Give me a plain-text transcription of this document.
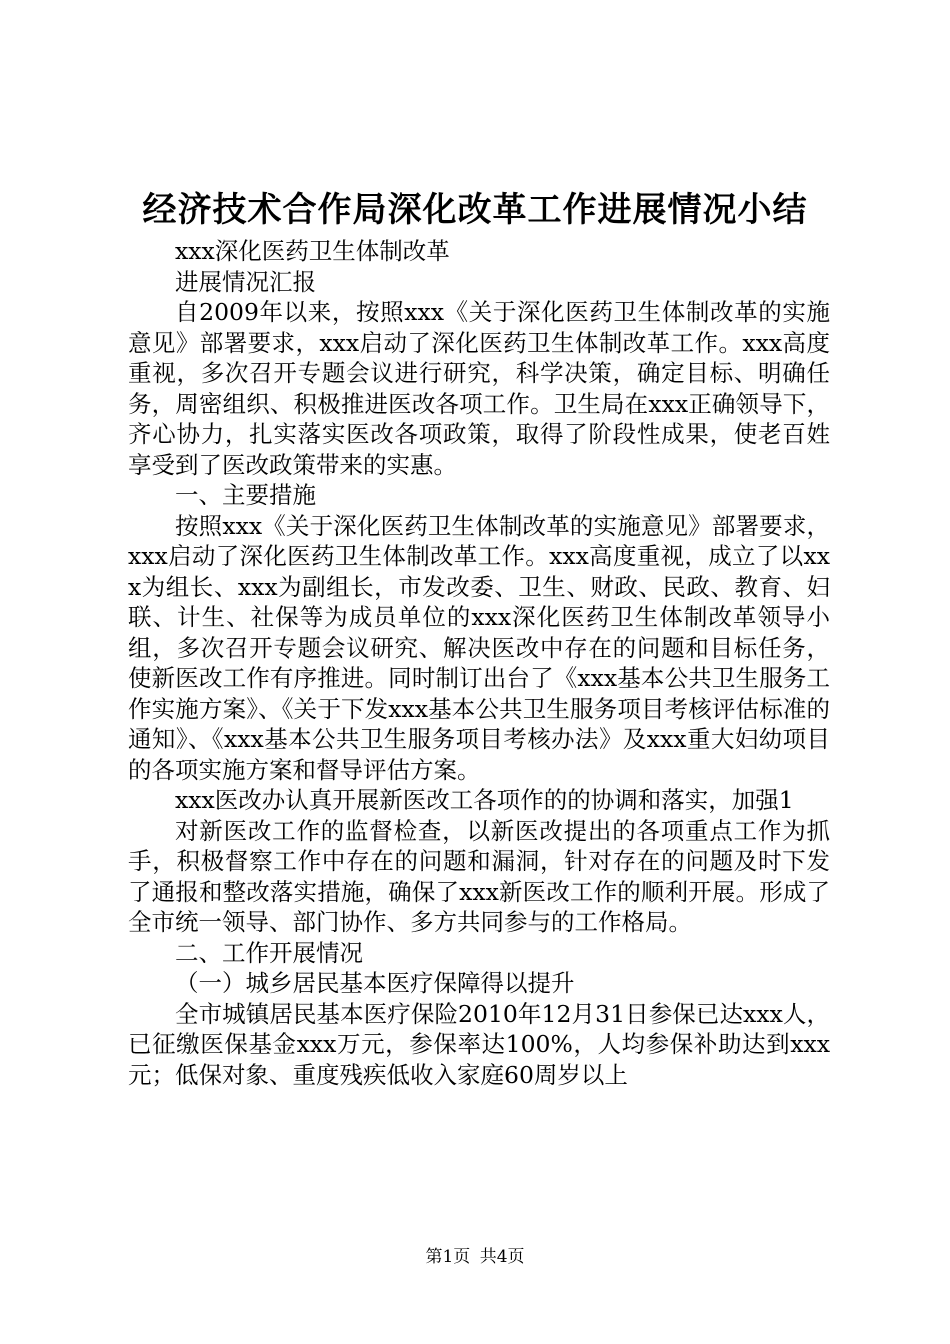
经济技术合作局深化改革工作进展情况小结

xxx深化医药卫生体制改革

进展情况汇报

自2009年以来，按照xxx《关于深化医药卫生体制改革的实施意见》部署要求，xxx启动了深化医药卫生体制改革工作。xxx高度重视，多次召开专题会议进行研究，科学决策，确定目标、明确任务，周密组织、积极推进医改各项工作。卫生局在xxx正确领导下，齐心协力，扎实落实医改各项政策，取得了阶段性成果，使老百姓享受到了医改政策带来的实惠。

一、主要措施

按照xxx《关于深化医药卫生体制改革的实施意见》部署要求，xxx启动了深化医药卫生体制改革工作。xxx高度重视，成立了以xxx为组长、xxx为副组长，市发改委、卫生、财政、民政、教育、妇联、计生、社保等为成员单位的xxx深化医药卫生体制改革领导小组，多次召开专题会议研究、解决医改中存在的问题和目标任务，使新医改工作有序推进。同时制订出台了《xxx基本公共卫生服务工作实施方案》、《关于下发xxx基本公共卫生服务项目考核评估标准的通知》、《xxx基本公共卫生服务项目考核办法》及xxx重大妇幼项目的各项实施方案和督导评估方案。

xxx医改办认真开展新医改工各项作的的协调和落实，加强1

对新医改工作的监督检查，以新医改提出的各项重点工作为抓手，积极督察工作中存在的问题和漏洞，针对存在的问题及时下发了通报和整改落实措施，确保了xxx新医改工作的顺利开展。形成了全市统一领导、部门协作、多方共同参与的工作格局。

二、工作开展情况

（一）城乡居民基本医疗保障得以提升

全市城镇居民基本医疗保险2010年12月31日参保已达xxx人，已征缴医保基金xxx万元，参保率达100%，人均参保补助达到xxx元；低保对象、重度残疾低收入家庭60周岁以上

第1页 共4页
